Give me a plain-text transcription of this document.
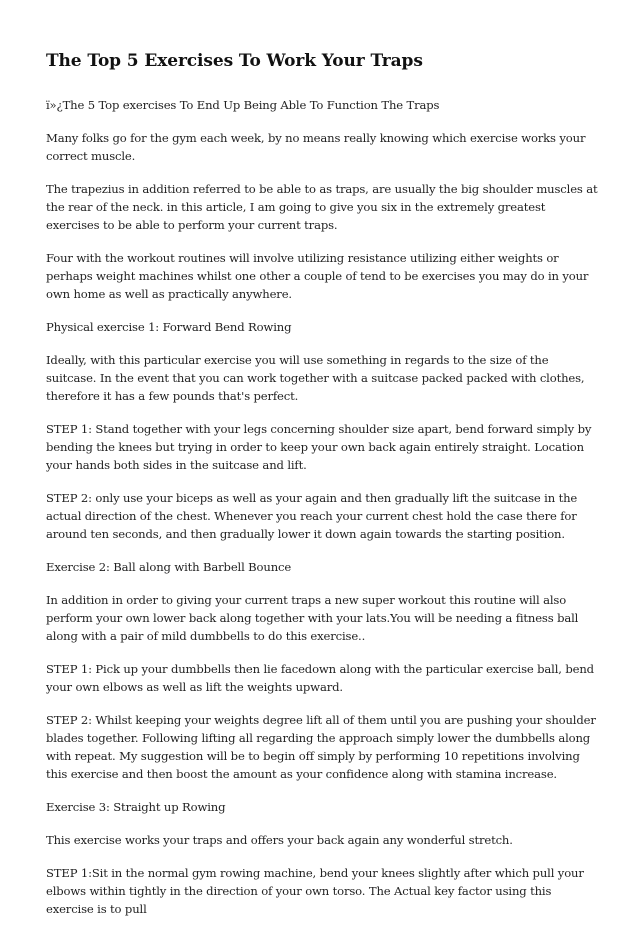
The Top 5 Exercises To Work Your Traps

ï»¿The 5 Top exercises To End Up Being Able To Function The Traps

Many folks go for the gym each week, by no means really knowing which exercise works your correct muscle.

The trapezius in addition referred to be able to as traps, are usually the big shoulder muscles at the rear of the neck. in this article, I am going to give you six in the extremely greatest exercises to be able to perform your current traps.

Four with the workout routines will involve utilizing resistance utilizing either weights or perhaps weight machines whilst one other a couple of tend to be exercises you may do in your own home as well as practically anywhere.

Physical exercise 1: Forward Bend Rowing

Ideally, with this particular exercise you will use something in regards to the size of the suitcase. In the event that you can work together with a suitcase packed packed with clothes, therefore it has a few pounds that's perfect.

STEP 1: Stand together with your legs concerning shoulder size apart, bend forward simply by bending the knees but trying in order to keep your own back again entirely straight. Location your hands both sides in the suitcase and lift.

STEP 2: only use your biceps as well as your again and then gradually lift the suitcase in the actual direction of the chest. Whenever you reach your current chest hold the case there for around ten seconds, and then gradually lower it down again towards the starting position.

Exercise 2: Ball along with Barbell Bounce

In addition in order to giving your current traps a new super workout this routine will also perform your own lower back along together with your lats.You will be needing a fitness ball along with a pair of mild dumbbells to do this exercise..

STEP 1: Pick up your dumbbells then lie facedown along with the particular exercise ball, bend your own elbows as well as lift the weights upward.

STEP 2: Whilst keeping your weights degree lift all of them until you are pushing your shoulder blades together. Following lifting all regarding the approach simply lower the dumbbells along with repeat. My suggestion will be to begin off simply by performing 10 repetitions involving this exercise and then boost the amount as your confidence along with stamina increase.

Exercise 3: Straight up Rowing

This exercise works your traps and offers your back again any wonderful stretch.

STEP 1:Sit in the normal gym rowing machine, bend your knees slightly after which pull your elbows within tightly in the direction of your own torso. The Actual key factor using this exercise is to pull
